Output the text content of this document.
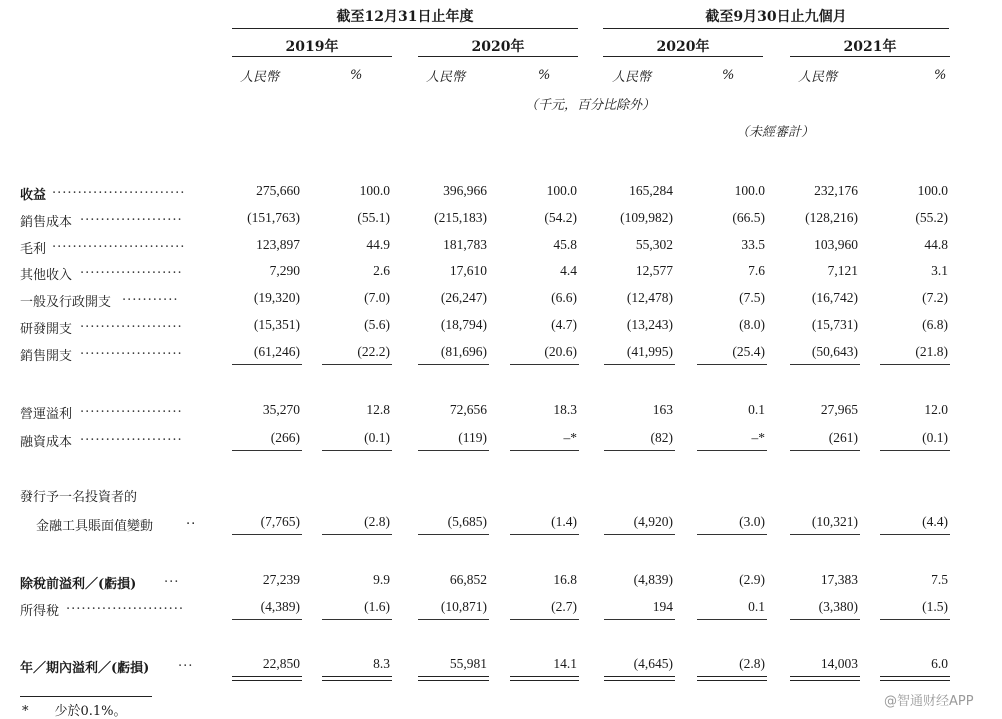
截至12月31日止年度	截至9月30日止九個月
2019年	2020年	2020年	2021年
人民幣	%	人民幣	%	人民幣	%	人民幣	%
（千元，百分比除外）
（未經審計）
收益 ..........................	275,660	100.0	396,966	100.0	165,284	100.0	232,176	100.0
銷售成本 ....................	(151,763)	(55.1)	(215,183)	(54.2)	(109,982)	(66.5)	(128,216)	(55.2)
毛利 ..........................	123,897	44.9	181,783	45.8	55,302	33.5	103,960	44.8
其他收入 ....................	7,290	2.6	17,610	4.4	12,577	7.6	7,121	3.1
一般及行政開支 ...........	(19,320)	(7.0)	(26,247)	(6.6)	(12,478)	(7.5)	(16,742)	(7.2)
研發開支 ....................	(15,351)	(5.6)	(18,794)	(4.7)	(13,243)	(8.0)	(15,731)	(6.8)
銷售開支 ....................	(61,246)	(22.2)	(81,696)	(20.6)	(41,995)	(25.4)	(50,643)	(21.8)
營運溢利 ....................	35,270	12.8	72,656	18.3	163	0.1	27,965	12.0
融資成本 ....................	(266)	(0.1)	(119)	–*	(82)	–*	(261)	(0.1)
發行予一名投資者的
金融工具賬面值變動	..	(7,765)	(2.8)	(5,685)	(1.4)	(4,920)	(3.0)	(10,321)	(4.4)
除稅前溢利／(虧損) ...	27,239	9.9	66,852	16.8	(4,839)	(2.9)	17,383	7.5
所得稅 .......................	(4,389)	(1.6)	(10,871)	(2.7)	194	0.1	(3,380)	(1.5)
年／期內溢利／(虧損) ...	22,850	8.3	55,981	14.1	(4,645)	(2.8)	14,003	6.0
*　　少於0.1%。
@智通财经APP
